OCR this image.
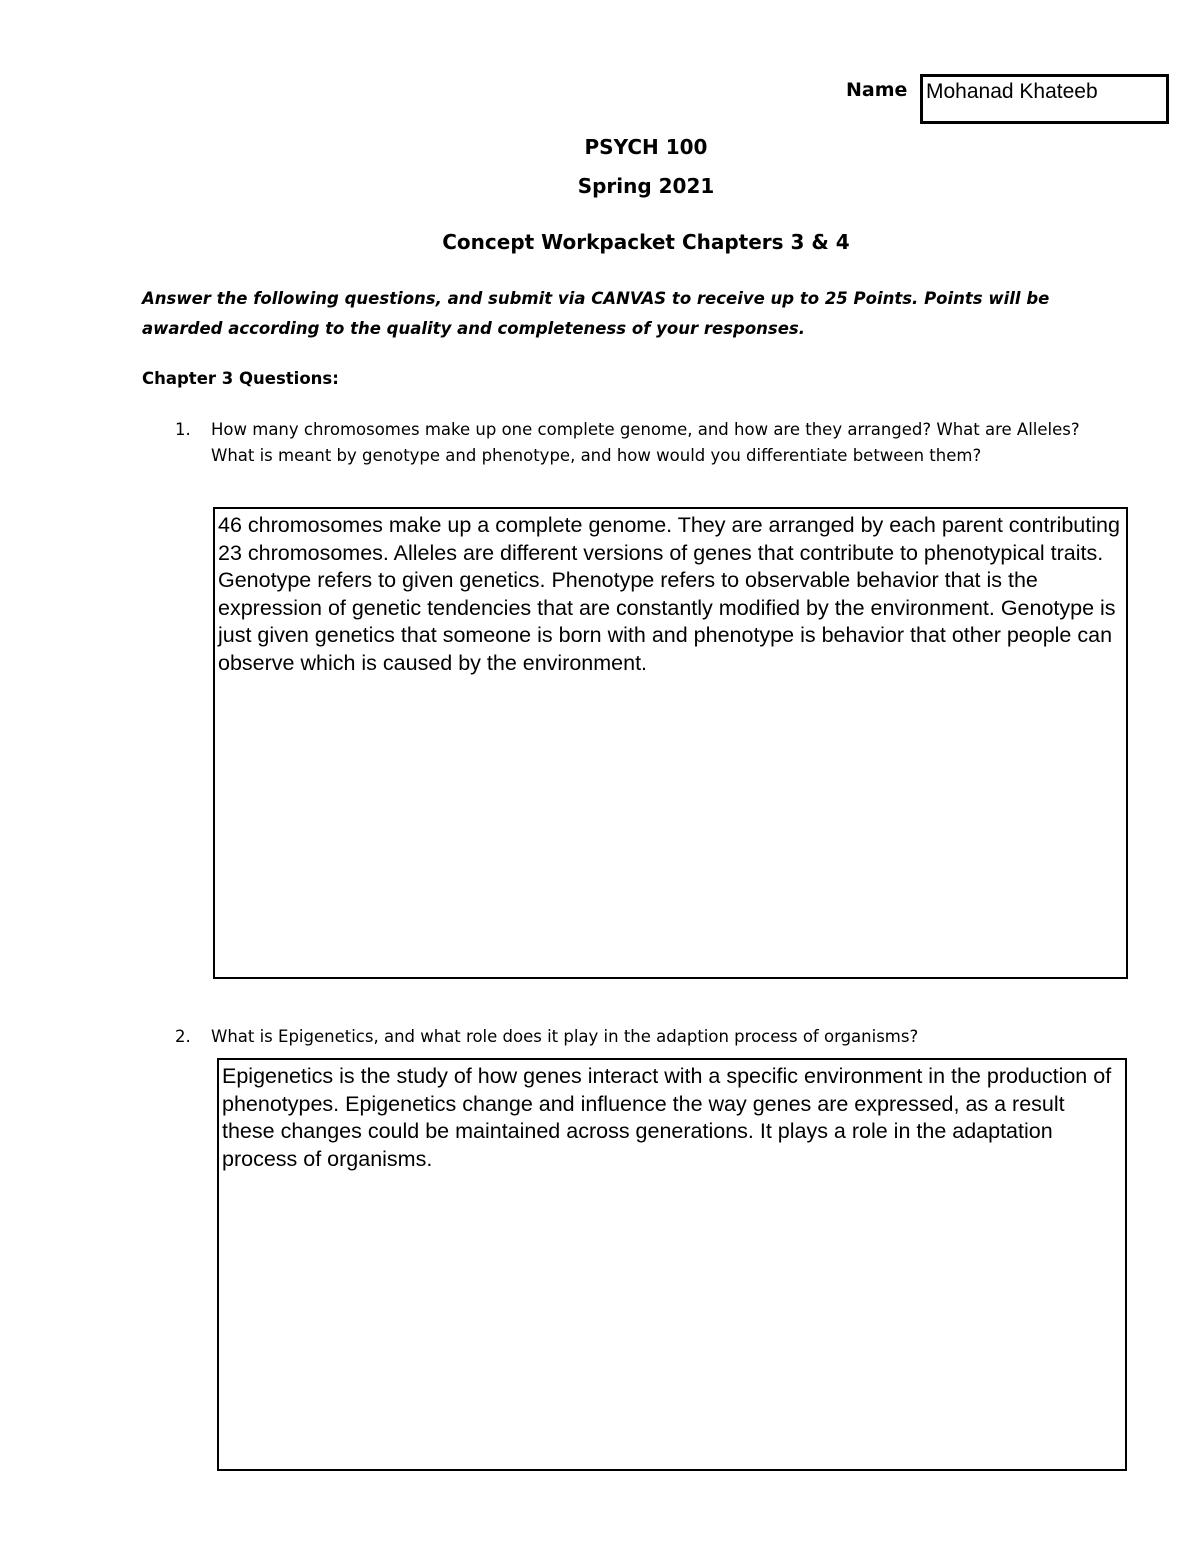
Name Mohanad Khateeb
PSYCH 100
Spring 2021
Concept Workpacket Chapters 3 & 4
Answer the following questions, and submit via CANVAS to receive up to 25 Points. Points will be awarded according to the quality and completeness of your responses.
Chapter 3 Questions:
1. How many chromosomes make up one complete genome, and how are they arranged? What are Alleles? What is meant by genotype and phenotype, and how would you differentiate between them?
46 chromosomes make up a complete genome. They are arranged by each parent contributing 23 chromosomes. Alleles are different versions of genes that contribute to phenotypical traits. Genotype refers to given genetics. Phenotype refers to observable behavior that is the expression of genetic tendencies that are constantly modified by the environment. Genotype is just given genetics that someone is born with and phenotype is behavior that other people can observe which is caused by the environment.
2. What is Epigenetics, and what role does it play in the adaption process of organisms?
Epigenetics is the study of how genes interact with a specific environment in the production of phenotypes. Epigenetics change and influence the way genes are expressed, as a result these changes could be maintained across generations. It plays a role in the adaptation process of organisms.
